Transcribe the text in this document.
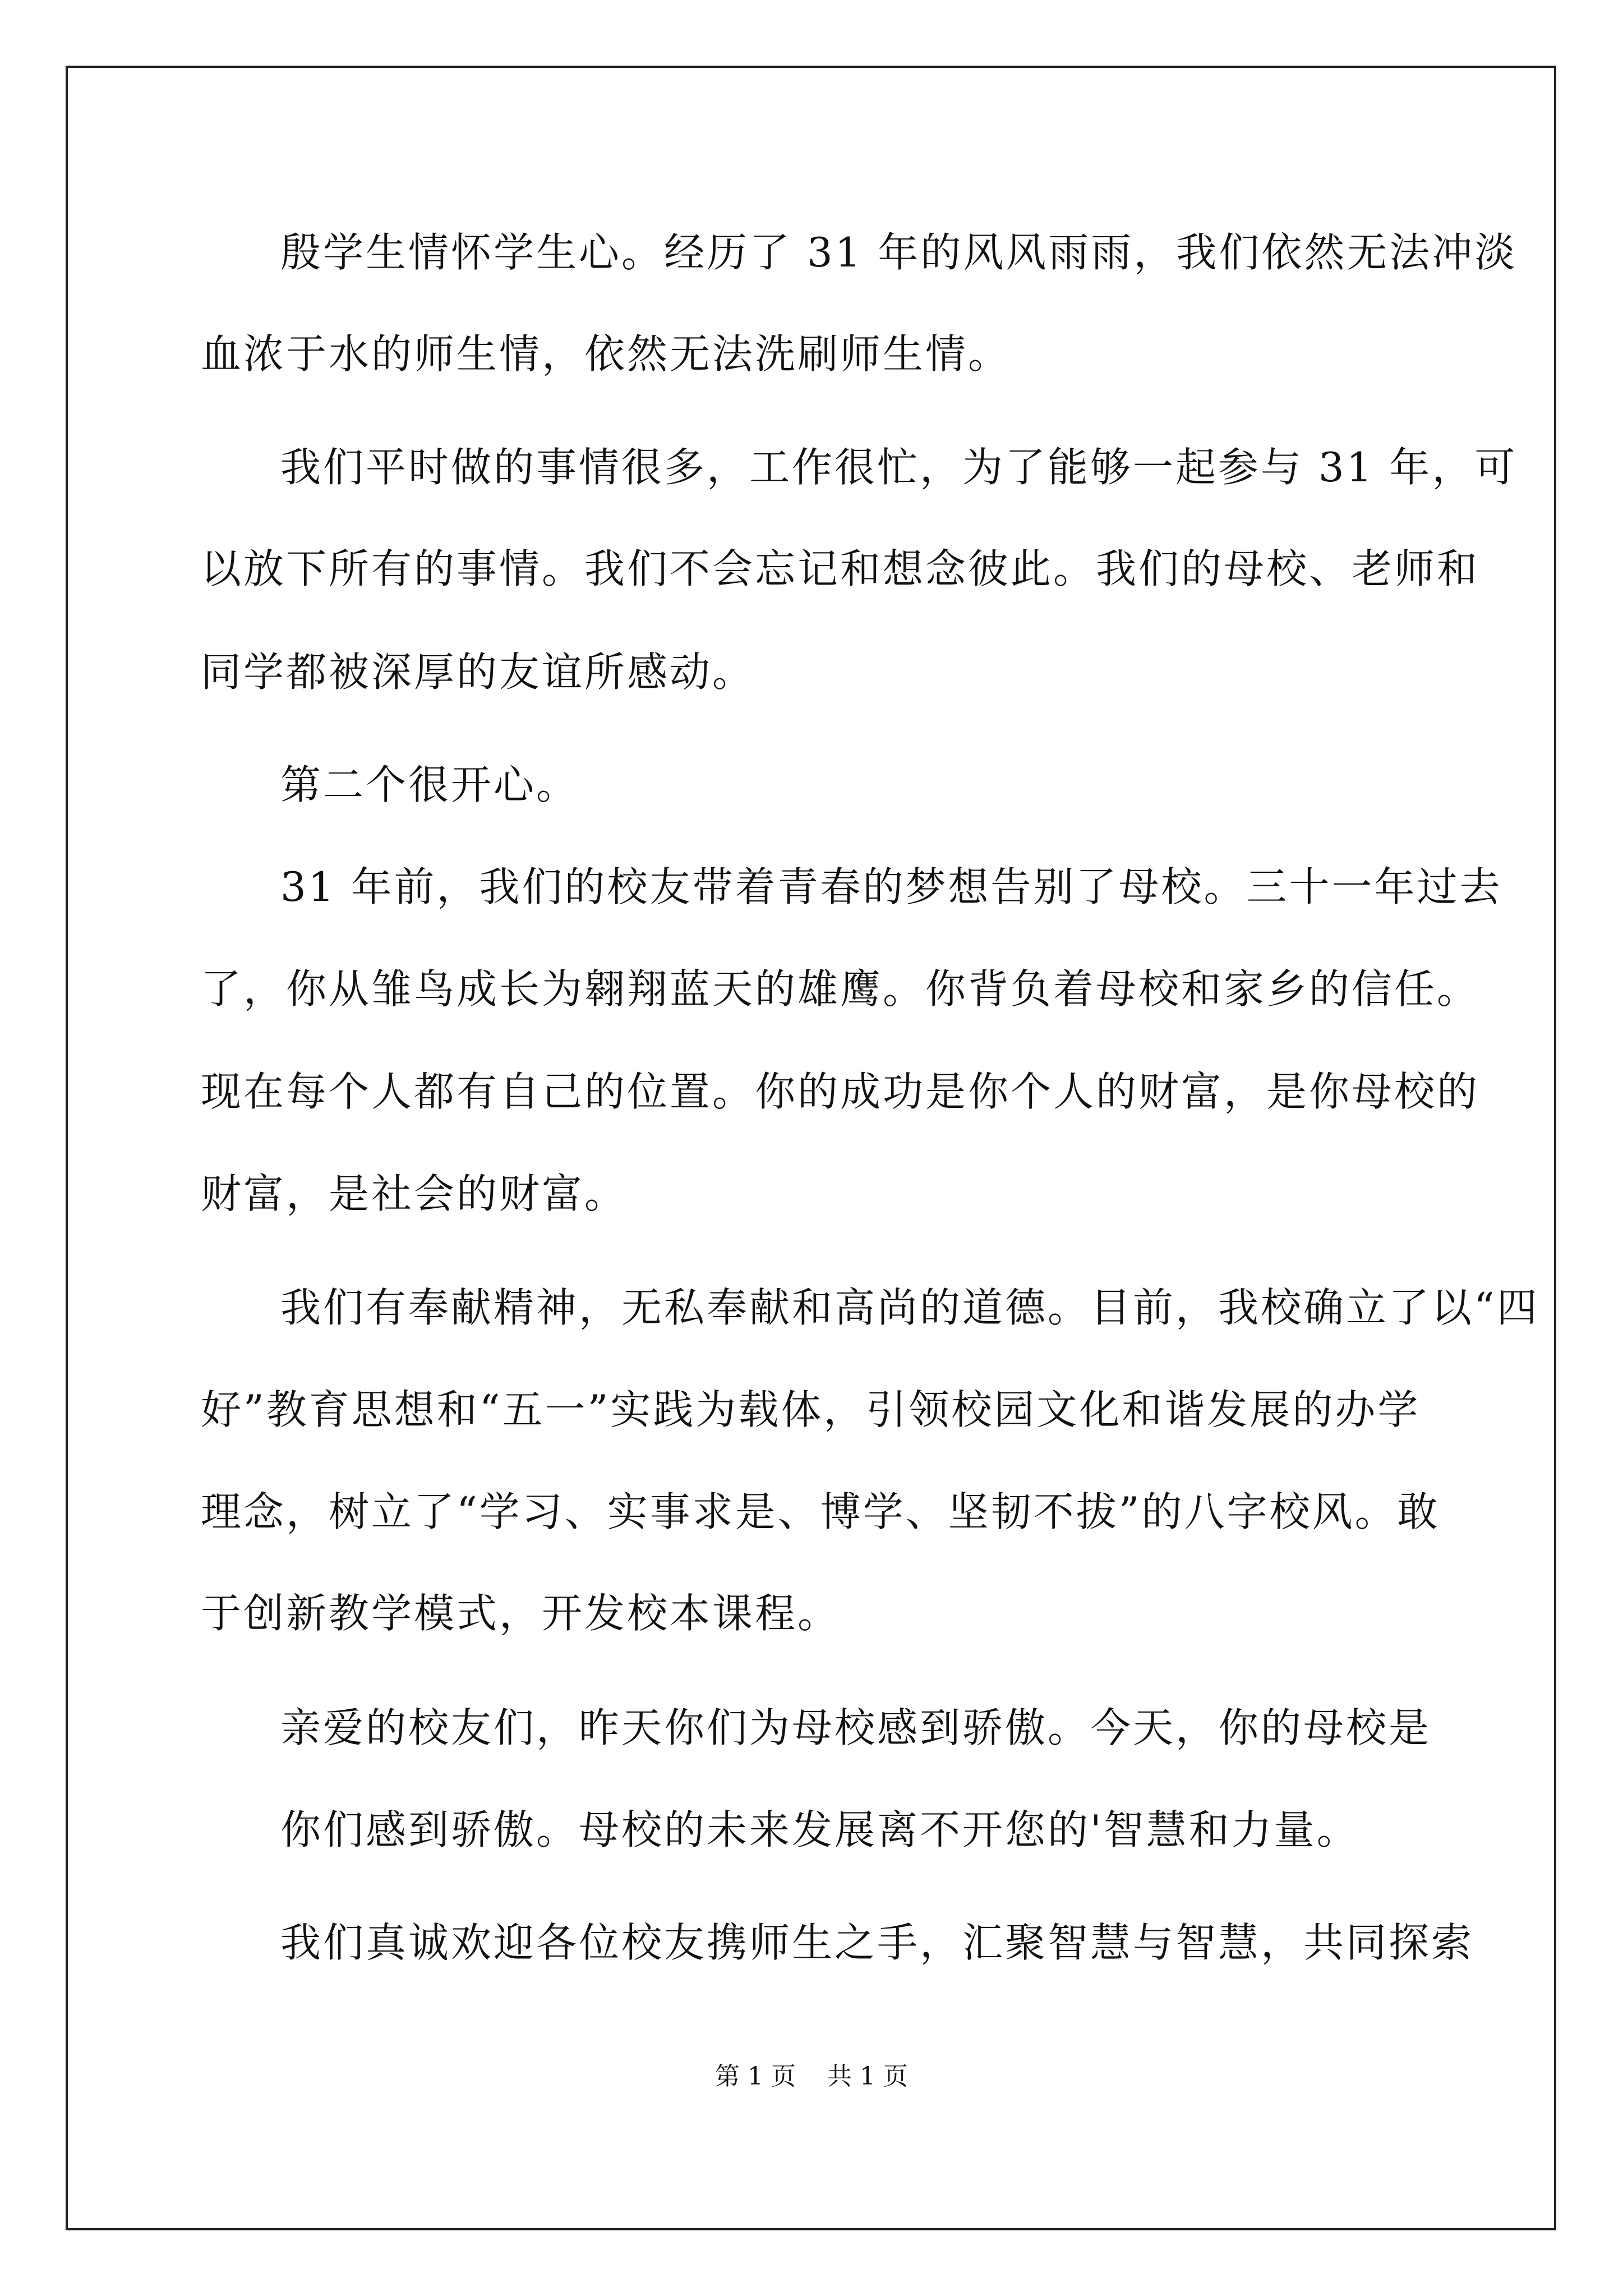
殷学生情怀学生心。经历了 31 年的风风雨雨，我们依然无法冲淡
血浓于水的师生情，依然无法洗刷师生情。
我们平时做的事情很多，工作很忙，为了能够一起参与 31 年，可
以放下所有的事情。我们不会忘记和想念彼此。我们的母校、老师和
同学都被深厚的友谊所感动。
第二个很开心。
31 年前，我们的校友带着青春的梦想告别了母校。三十一年过去
了，你从雏鸟成长为翱翔蓝天的雄鹰。你背负着母校和家乡的信任。
现在每个人都有自己的位置。你的成功是你个人的财富，是你母校的
财富，是社会的财富。
我们有奉献精神，无私奉献和高尚的道德。目前，我校确立了以“四
好”教育思想和“五一”实践为载体，引领校园文化和谐发展的办学
理念，树立了“学习、实事求是、博学、坚韧不拔”的八字校风。敢
于创新教学模式，开发校本课程。
亲爱的校友们，昨天你们为母校感到骄傲。今天，你的母校是
你们感到骄傲。母校的未来发展离不开您的'智慧和力量。
我们真诚欢迎各位校友携师生之手，汇聚智慧与智慧，共同探索
第 1 页    共 1 页
